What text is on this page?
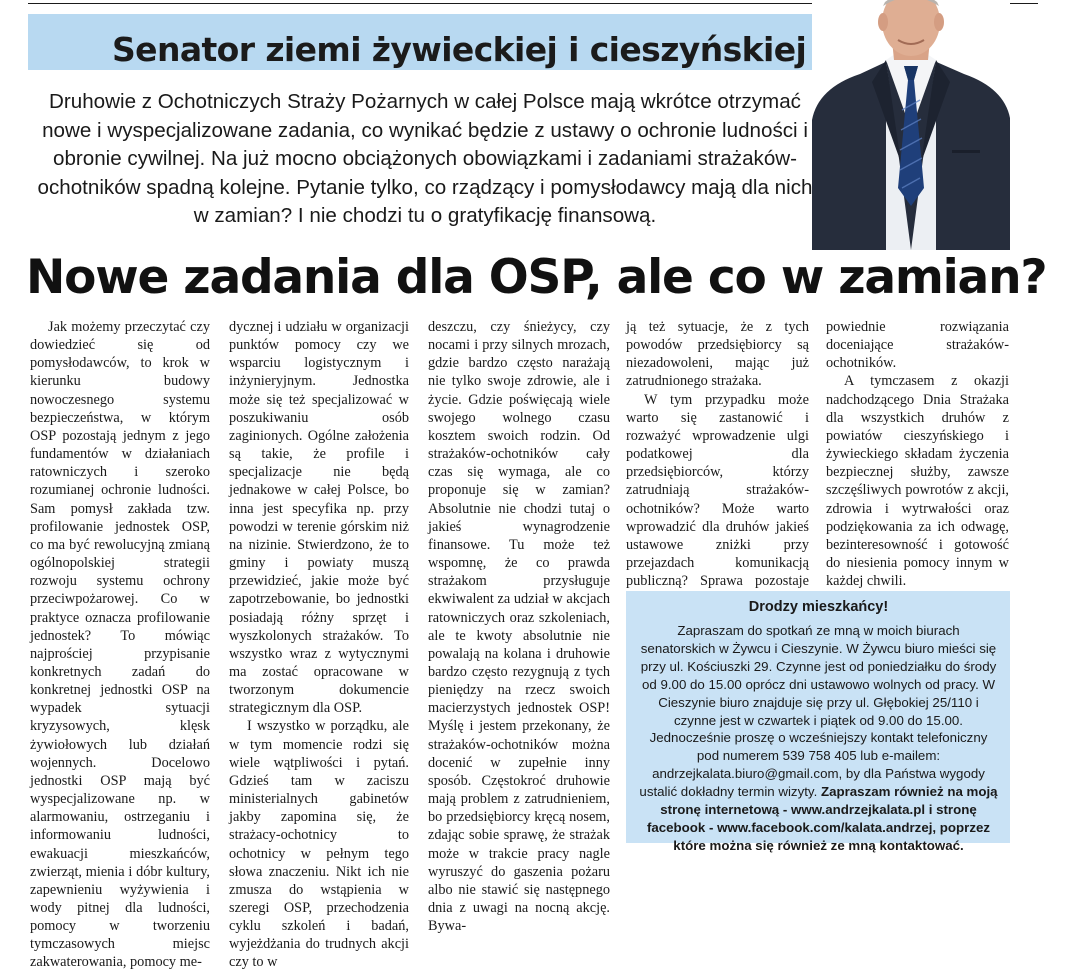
Senator ziemi żywieckiej i cieszyńskiej
Druhowie z Ochotniczych Straży Pożarnych w całej Polsce mają wkrótce otrzymać nowe i wyspecjalizowane zadania, co wynikać będzie z ustawy o ochronie ludności i obronie cywilnej. Na już mocno obciążonych obowiązkami i zadaniami strażaków-ochotników spadną kolejne. Pytanie tylko, co rządzący i pomysłodawcy mają dla nich w zamian? I nie chodzi tu o gratyfikację finansową.
Nowe zadania dla OSP, ale co w zamian?

Jak możemy przeczytać czy dowiedzieć się od pomysłodawców, to krok w kierunku budowy nowoczesnego systemu bezpieczeństwa, w którym OSP pozostają jednym z jego fundamentów w działaniach ratowniczych i szeroko rozumianej ochronie ludności. Sam pomysł zakłada tzw. profilowanie jednostek OSP, co ma być rewolucyjną zmianą ogólnopolskiej strategii rozwoju systemu ochrony przeciwpożarowej. Co w praktyce oznacza profilowanie jednostek? To mówiąc najprościej przypisanie konkretnych zadań do konkretnej jednostki OSP na wypadek sytuacji kryzysowych, klęsk żywiołowych lub działań wojennych. Docelowo jednostki OSP mają być wyspecjalizowane np. w alarmowaniu, ostrzeganiu i informowaniu ludności, ewakuacji mieszkańców, zwierząt, mienia i dóbr kultury, zapewnieniu wyżywienia i wody pitnej dla ludności, pomocy w tworzeniu tymczasowych miejsc zakwaterowania, pomocy me-

dycznej i udziału w organizacji punktów pomocy czy we wsparciu logistycznym i inżynieryjnym. Jednostka może się też specjalizować w poszukiwaniu osób zaginionych. Ogólne założenia są takie, że profile i specjalizacje nie będą jednakowe w całej Polsce, bo inna jest specyfika np. przy powodzi w terenie górskim niż na nizinie. Stwierdzono, że to gminy i powiaty muszą przewidzieć, jakie może być zapotrzebowanie, bo jednostki posiadają różny sprzęt i wyszkolonych strażaków. To wszystko wraz z wytycznymi ma zostać opracowane w tworzonym dokumencie strategicznym dla OSP.

I wszystko w porządku, ale w tym momencie rodzi się wiele wątpliwości i pytań. Gdzieś tam w zaciszu ministerialnych gabinetów jakby zapomina się, że strażacy-ochotnicy to ochotnicy w pełnym tego słowa znaczeniu. Nikt ich nie zmusza do wstąpienia w szeregi OSP, przechodzenia cyklu szkoleń i badań, wyjeżdżania do trudnych akcji czy to w

deszczu, czy śnieżycy, czy nocami i przy silnych mrozach, gdzie bardzo często narażają nie tylko swoje zdrowie, ale i życie. Gdzie poświęcają wiele swojego wolnego czasu kosztem swoich rodzin. Od strażaków-ochotników cały czas się wymaga, ale co proponuje się w zamian? Absolutnie nie chodzi tutaj o jakieś wynagrodzenie finansowe. Tu może też wspomnę, że co prawda strażakom przysługuje ekwiwalent za udział w akcjach ratowniczych oraz szkoleniach, ale te kwoty absolutnie nie powalają na kolana i druhowie bardzo często rezygnują z tych pieniędzy na rzecz swoich macierzystych jednostek OSP! Myślę i jestem przekonany, że strażaków-ochotników można docenić w zupełnie inny sposób. Częstokroć druhowie mają problem z zatrudnieniem, bo przedsiębiorcy kręcą nosem, zdając sobie sprawę, że strażak może w trakcie pracy nagle wyruszyć do gaszenia pożaru albo nie stawić się następnego dnia z uwagi na nocną akcję. Bywa-

ją też sytuacje, że z tych powodów przedsiębiorcy są niezadowoleni, mając już zatrudnionego strażaka.

W tym przypadku może warto się zastanowić i rozważyć wprowadzenie ulgi podatkowej dla przedsiębiorców, którzy zatrudniają strażaków-ochotników? Może warto wprowadzić dla druhów jakieś ustawowe zniżki przy przejazdach komunikacją publiczną? Sprawa pozostaje

powiednie rozwiązania doceniające strażaków-ochotników.

A tymczasem z okazji nadchodzącego Dnia Strażaka dla wszystkich druhów z powiatów cieszyńskiego i żywieckiego składam życzenia bezpiecznej służby, zawsze szczęśliwych powrotów z akcji, zdrowia i wytrwałości oraz podziękowania za ich odwagę, bezinteresowność i gotowość do niesienia pomocy innym w każdej chwili.

Drodzy mieszkańcy!
Zapraszam do spotkań ze mną w moich biurach senatorskich w Żywcu i Cieszynie. W Żywcu biuro mieści się przy ul. Kościuszki 29. Czynne jest od poniedziałku do środy od 9.00 do 15.00 oprócz dni ustawowo wolnych od pracy. W Cieszynie biuro znajduje się przy ul. Głębokiej 25/110 i czynne jest w czwartek i piątek od 9.00 do 15.00. Jednocześnie proszę o wcześniejszy kontakt telefoniczny pod numerem 539 758 405 lub e-mailem: andrzejkalata.biuro@gmail.com, by dla Państwa wygody ustalić dokładny termin wizyty. Zapraszam również na moją stronę internetową - www.andrzejkalata.pl i stronę facebook - www.facebook.com/kalata.andrzej, poprzez które można się również ze mną kontaktować.
